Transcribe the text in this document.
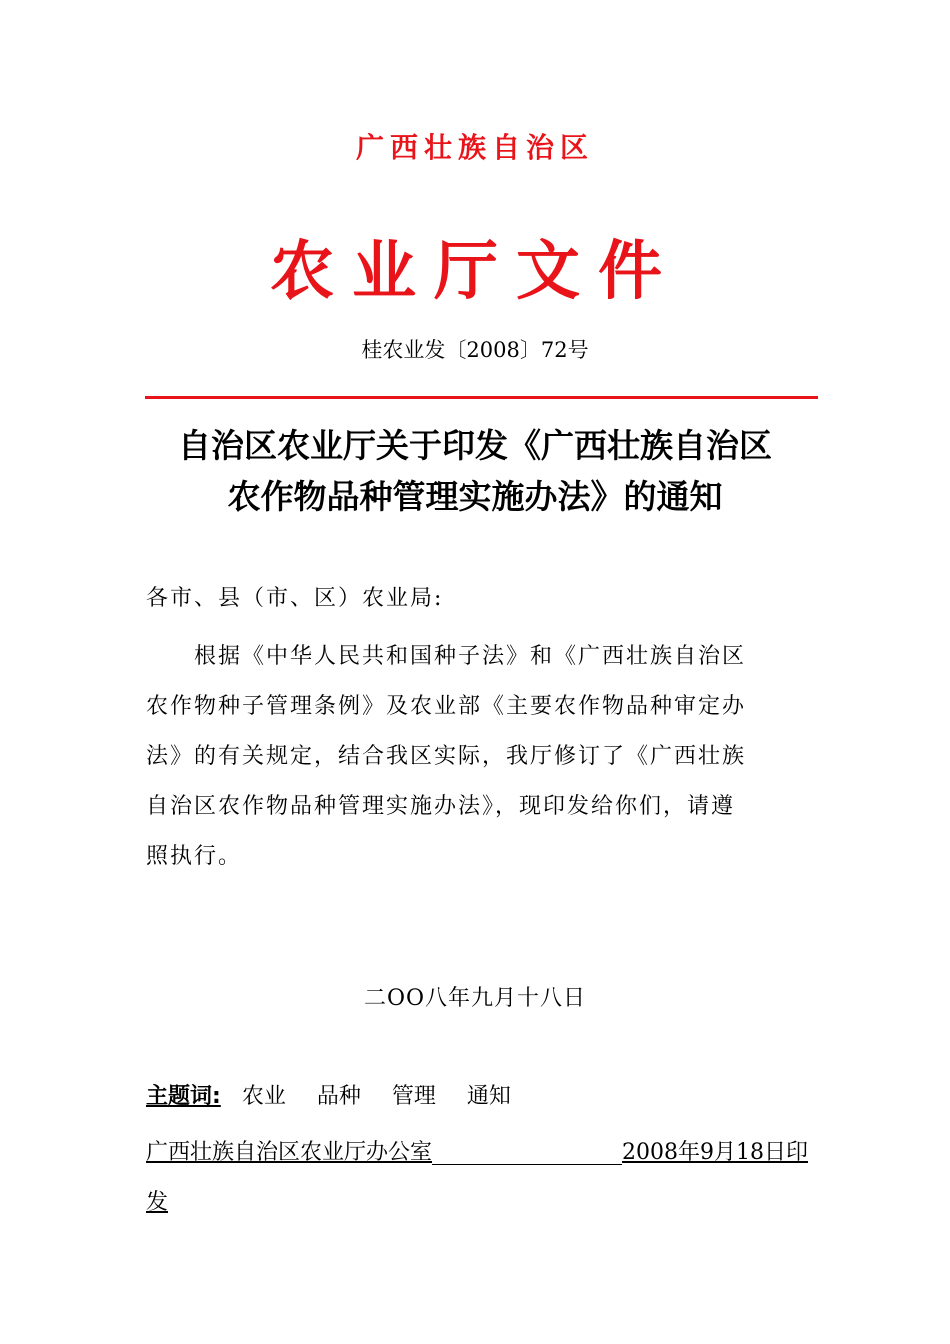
广西壮族自治区
农业厅文件
桂农业发〔2008〕72号
自治区农业厅关于印发《广西壮族自治区
农作物品种管理实施办法》的通知
各市、县（市、区）农业局:
根据《中华人民共和国种子法》和《广西壮族自治区
农作物种子管理条例》及农业部《主要农作物品种审定办
法》的有关规定，结合我区实际，我厅修订了《广西壮族
自治区农作物品种管理实施办法》，现印发给你们，请遵
照执行。
二OO八年九月十八日
主题词: 农业 品种 管理 通知
广西壮族自治区农业厅办公室	2008年9月18日印
发
